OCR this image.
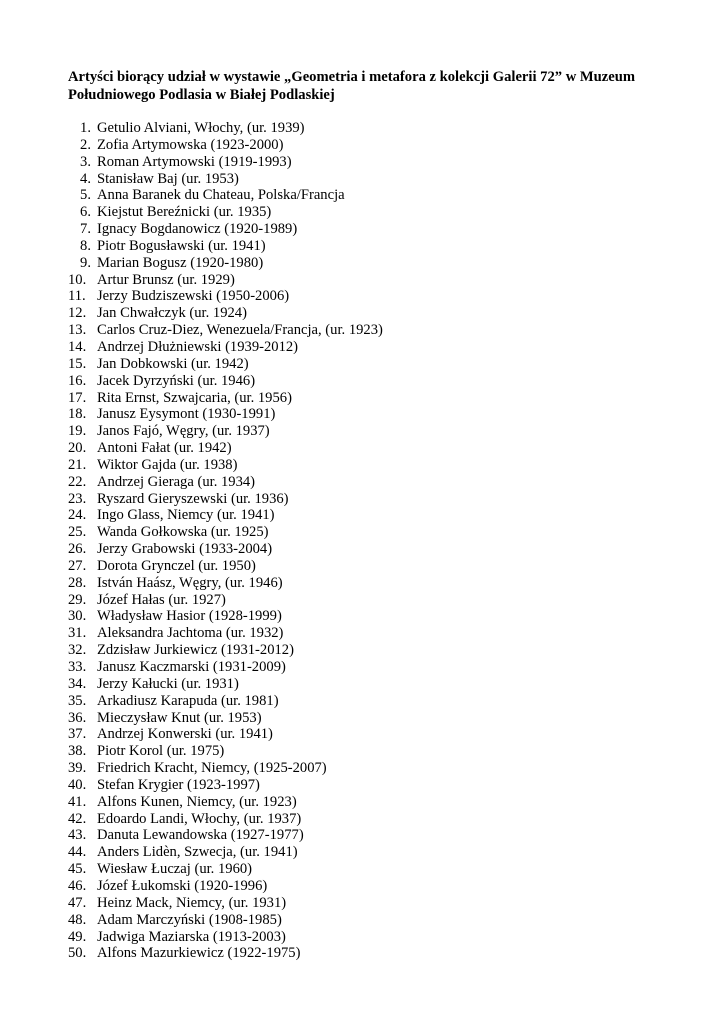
Artyści biorący udział w wystawie „Geometria i metafora z kolekcji Galerii 72” w Muzeum Południowego Podlasia w Białej Podlaskiej
1. Getulio Alviani, Włochy, (ur. 1939)
2. Zofia Artymowska (1923-2000)
3. Roman Artymowski (1919-1993)
4. Stanisław Baj (ur. 1953)
5. Anna Baranek du Chateau, Polska/Francja
6. Kiejstut Bereźnicki (ur. 1935)
7. Ignacy Bogdanowicz (1920-1989)
8. Piotr Bogusławski (ur. 1941)
9. Marian Bogusz (1920-1980)
10. Artur Brunsz (ur. 1929)
11. Jerzy Budziszewski (1950-2006)
12. Jan Chwałczyk (ur. 1924)
13. Carlos Cruz-Diez, Wenezuela/Francja, (ur. 1923)
14. Andrzej Dłużniewski (1939-2012)
15. Jan Dobkowski (ur. 1942)
16. Jacek Dyrzyński (ur. 1946)
17. Rita Ernst, Szwajcaria, (ur. 1956)
18. Janusz Eysymont (1930-1991)
19. Janos Fajó, Węgry, (ur. 1937)
20. Antoni Fałat (ur. 1942)
21. Wiktor Gajda (ur. 1938)
22. Andrzej Gieraga (ur. 1934)
23. Ryszard Gieryszewski (ur. 1936)
24. Ingo Glass, Niemcy (ur. 1941)
25. Wanda Gołkowska (ur. 1925)
26. Jerzy Grabowski (1933-2004)
27. Dorota Grynczel (ur. 1950)
28. István Haász, Węgry, (ur. 1946)
29. Józef Hałas (ur. 1927)
30. Władysław Hasior (1928-1999)
31. Aleksandra Jachtoma (ur. 1932)
32. Zdzisław Jurkiewicz (1931-2012)
33. Janusz Kaczmarski (1931-2009)
34. Jerzy Kałucki (ur. 1931)
35. Arkadiusz Karapuda (ur. 1981)
36. Mieczysław Knut (ur. 1953)
37. Andrzej Konwerski (ur. 1941)
38. Piotr Korol (ur. 1975)
39. Friedrich Kracht, Niemcy, (1925-2007)
40. Stefan Krygier (1923-1997)
41. Alfons Kunen, Niemcy, (ur. 1923)
42. Edoardo Landi, Włochy, (ur. 1937)
43. Danuta Lewandowska (1927-1977)
44. Anders Lidèn, Szwecja, (ur. 1941)
45. Wiesław Łuczaj (ur. 1960)
46. Józef Łukomski (1920-1996)
47. Heinz Mack, Niemcy, (ur. 1931)
48. Adam Marczyński (1908-1985)
49. Jadwiga Maziarska (1913-2003)
50. Alfons Mazurkiewicz (1922-1975)
